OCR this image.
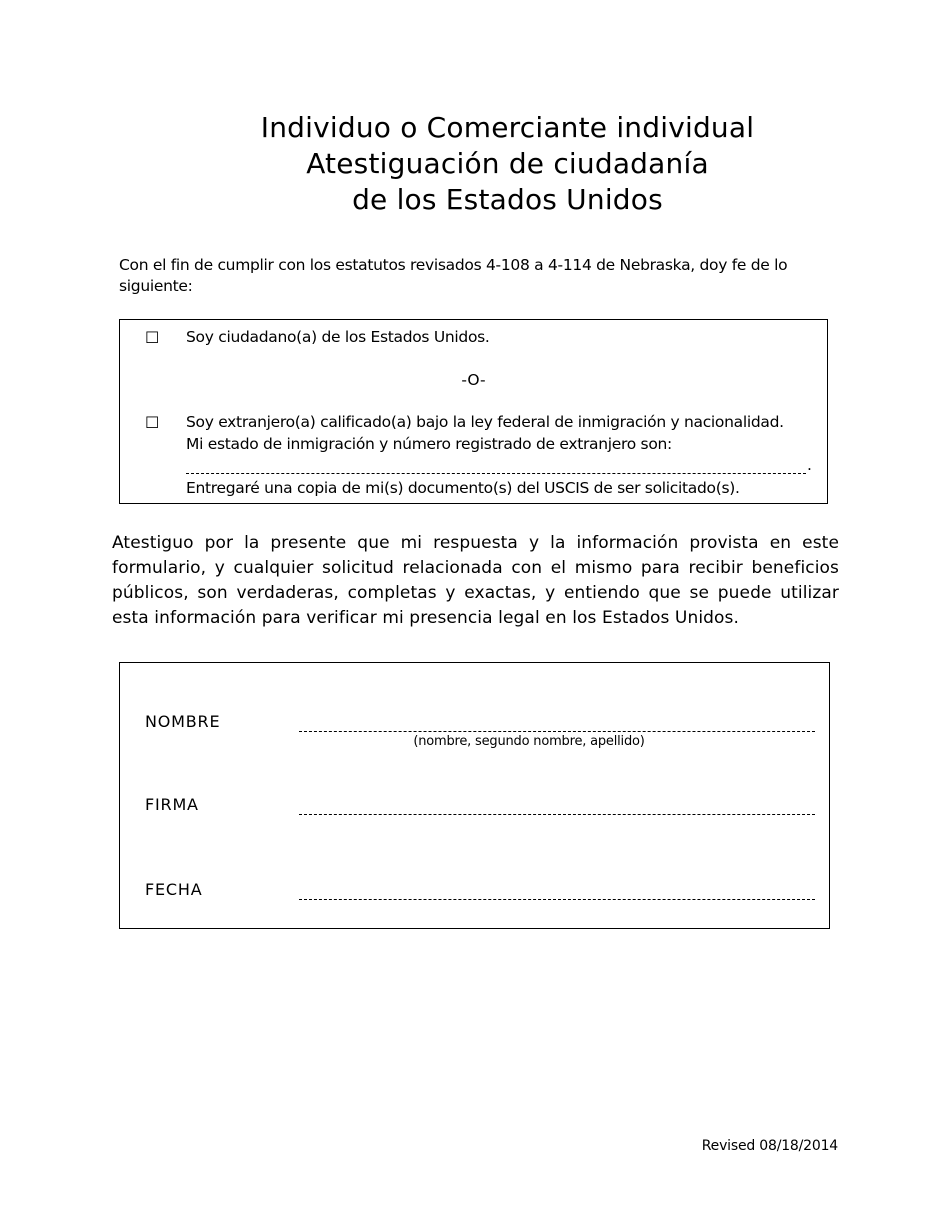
Individuo o Comerciante individual
Atestiguación de ciudadanía
de los Estados Unidos
Con el fin de cumplir con los estatutos revisados 4-108 a 4-114 de Nebraska, doy fe de lo siguiente:
☐ Soy ciudadano(a) de los Estados Unidos.
-O-
☐ Soy extranjero(a) calificado(a) bajo la ley federal de inmigración y nacionalidad.
Mi estado de inmigración y número registrado de extranjero son:
.
Entregaré una copia de mi(s) documento(s) del USCIS de ser solicitado(s).
Atestiguo por la presente que mi respuesta y la información provista en este formulario, y cualquier solicitud relacionada con el mismo para recibir beneficios públicos, son verdaderas, completas y exactas, y entiendo que se puede utilizar esta información para verificar mi presencia legal en los Estados Unidos.
NOMBRE
(nombre, segundo nombre, apellido)
FIRMA
FECHA
Revised 08/18/2014
